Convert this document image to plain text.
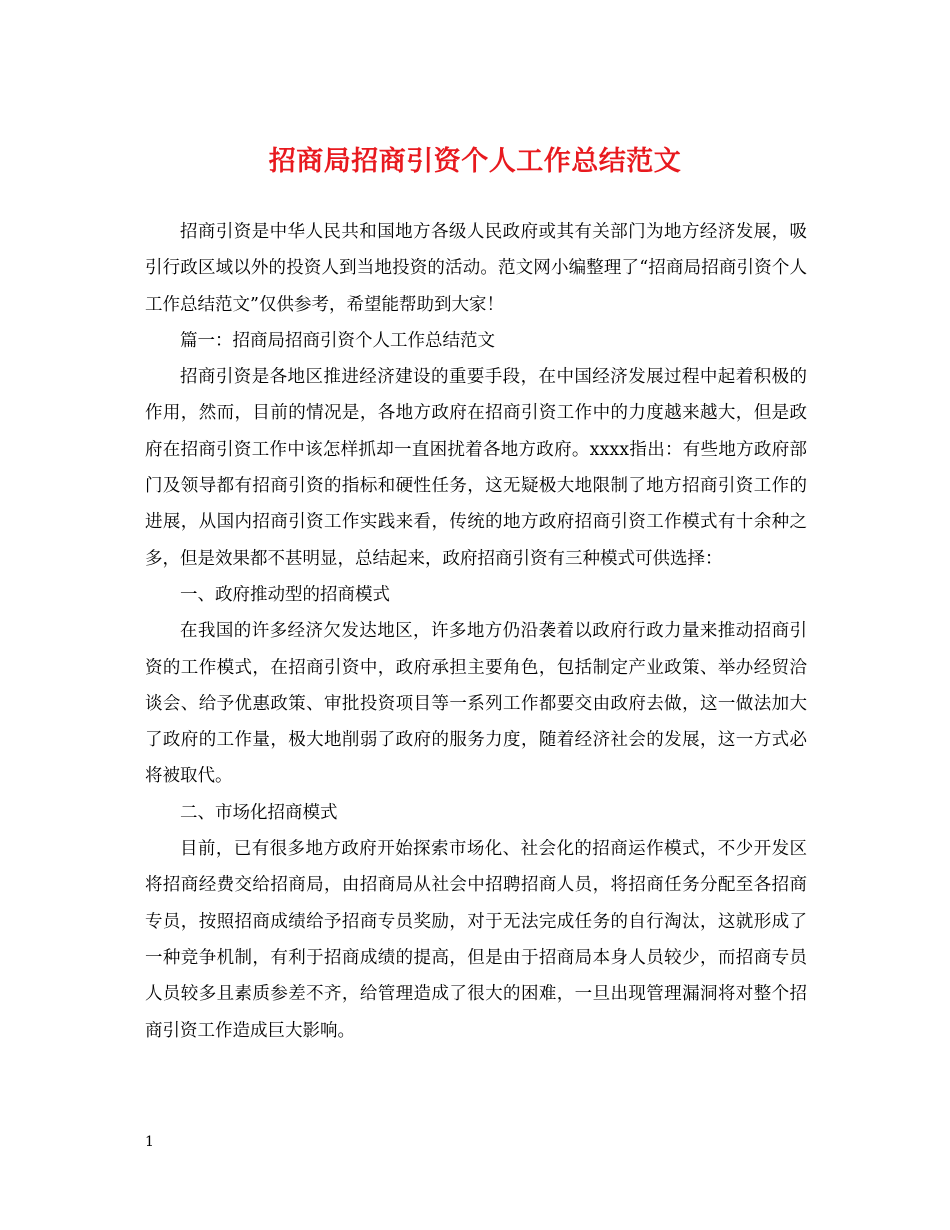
招商局招商引资个人工作总结范文

招商引资是中华人民共和国地方各级人民政府或其有关部门为地方经济发展，吸引行政区域以外的投资人到当地投资的活动。范文网小编整理了“招商局招商引资个人工作总结范文”仅供参考，希望能帮助到大家！

篇一：招商局招商引资个人工作总结范文

招商引资是各地区推进经济建设的重要手段，在中国经济发展过程中起着积极的作用，然而，目前的情况是，各地方政府在招商引资工作中的力度越来越大，但是政府在招商引资工作中该怎样抓却一直困扰着各地方政府。xxxx指出：有些地方政府部门及领导都有招商引资的指标和硬性任务，这无疑极大地限制了地方招商引资工作的进展，从国内招商引资工作实践来看，传统的地方政府招商引资工作模式有十余种之多，但是效果都不甚明显，总结起来，政府招商引资有三种模式可供选择：

一、政府推动型的招商模式

在我国的许多经济欠发达地区，许多地方仍沿袭着以政府行政力量来推动招商引资的工作模式，在招商引资中，政府承担主要角色，包括制定产业政策、举办经贸洽谈会、给予优惠政策、审批投资项目等一系列工作都要交由政府去做，这一做法加大了政府的工作量，极大地削弱了政府的服务力度，随着经济社会的发展，这一方式必将被取代。

二、市场化招商模式

目前，已有很多地方政府开始探索市场化、社会化的招商运作模式，不少开发区将招商经费交给招商局，由招商局从社会中招聘招商人员，将招商任务分配至各招商专员，按照招商成绩给予招商专员奖励，对于无法完成任务的自行淘汰，这就形成了一种竞争机制，有利于招商成绩的提高，但是由于招商局本身人员较少，而招商专员人员较多且素质参差不齐，给管理造成了很大的困难，一旦出现管理漏洞将对整个招商引资工作造成巨大影响。

1
